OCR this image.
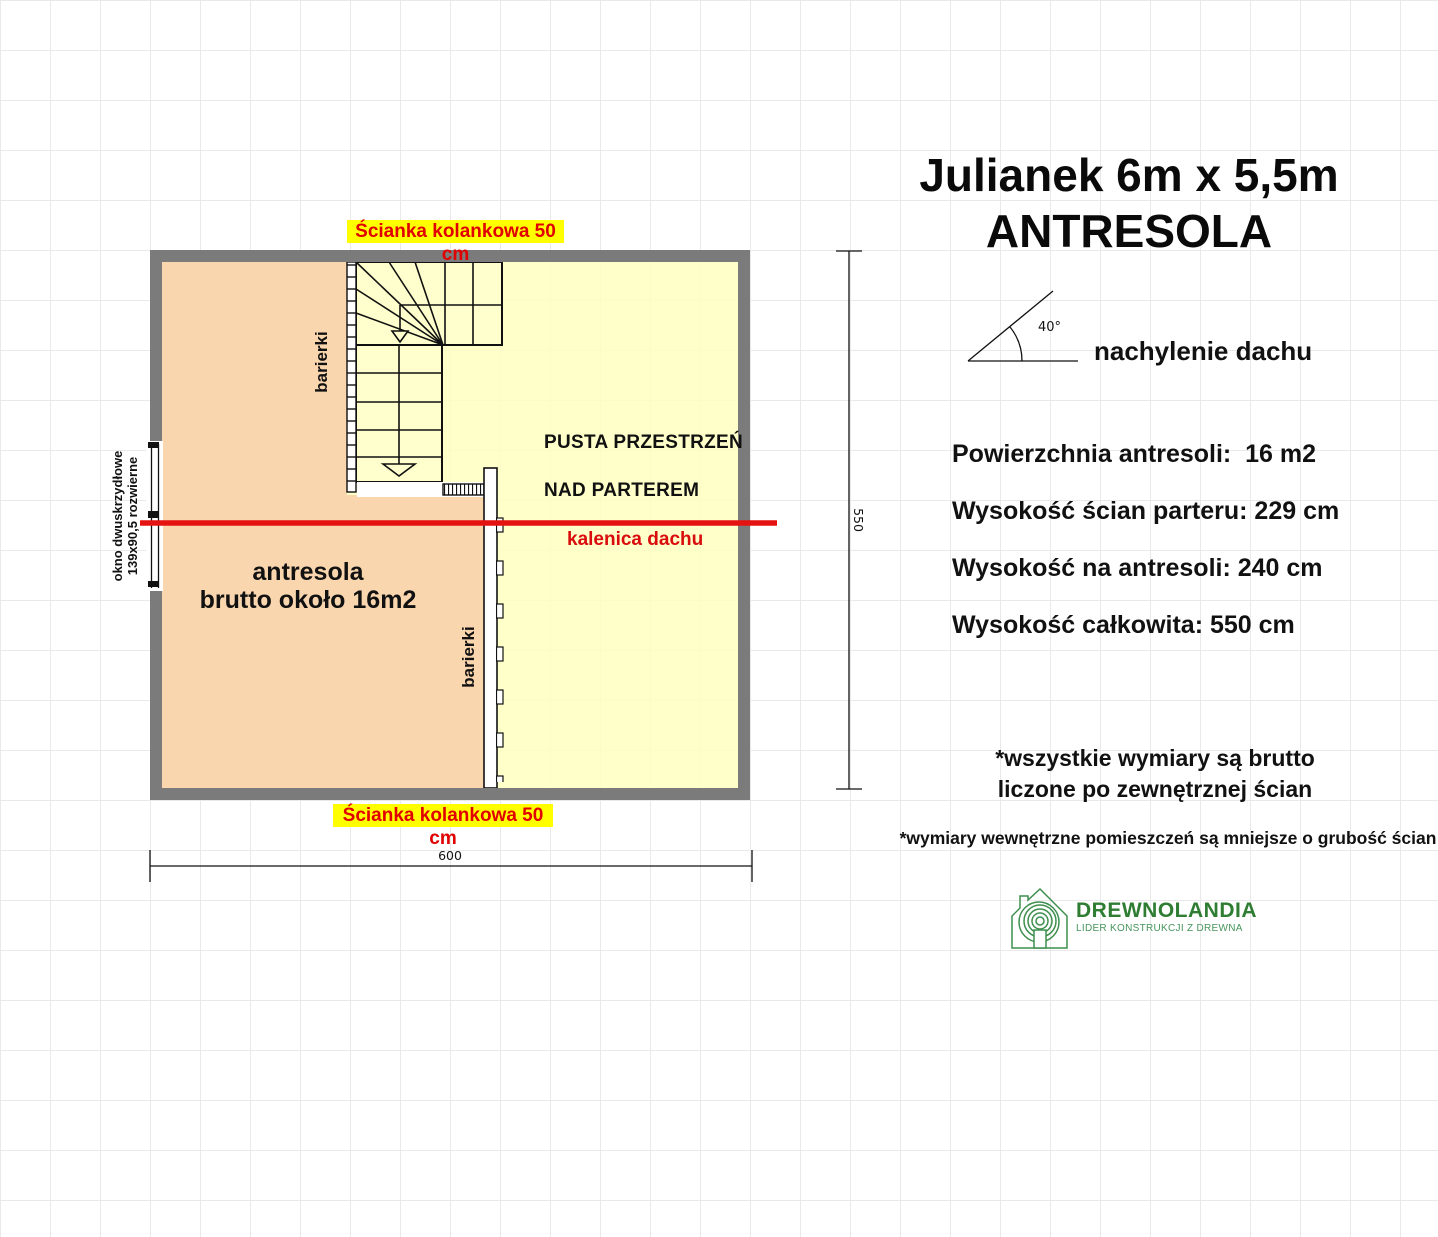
Julianek 6m x 5,5m
ANTRESOLA
40°
nachylenie dachu
Powierzchnia antresoli:  16 m2
Wysokość ścian parteru: 229 cm
Wysokość na antresoli: 240 cm
Wysokość całkowita: 550 cm
*wszystkie wymiary są brutto
liczone po zewnętrznej ścian
*wymiary wewnętrzne pomieszczeń są mniejsze o grubość ścian
DREWNOLANDIA
LIDER KONSTRUKCJI Z DREWNA
Ścianka kolankowa 50 cm
Ścianka kolankowa 50 cm
kalenica dachu
PUSTA PRZESTRZEŃ
NAD PARTEREM
antresola
brutto około 16m2
barierki
barierki
okno dwuskrzydłowe 139x90,5 rozwierne
600
550
